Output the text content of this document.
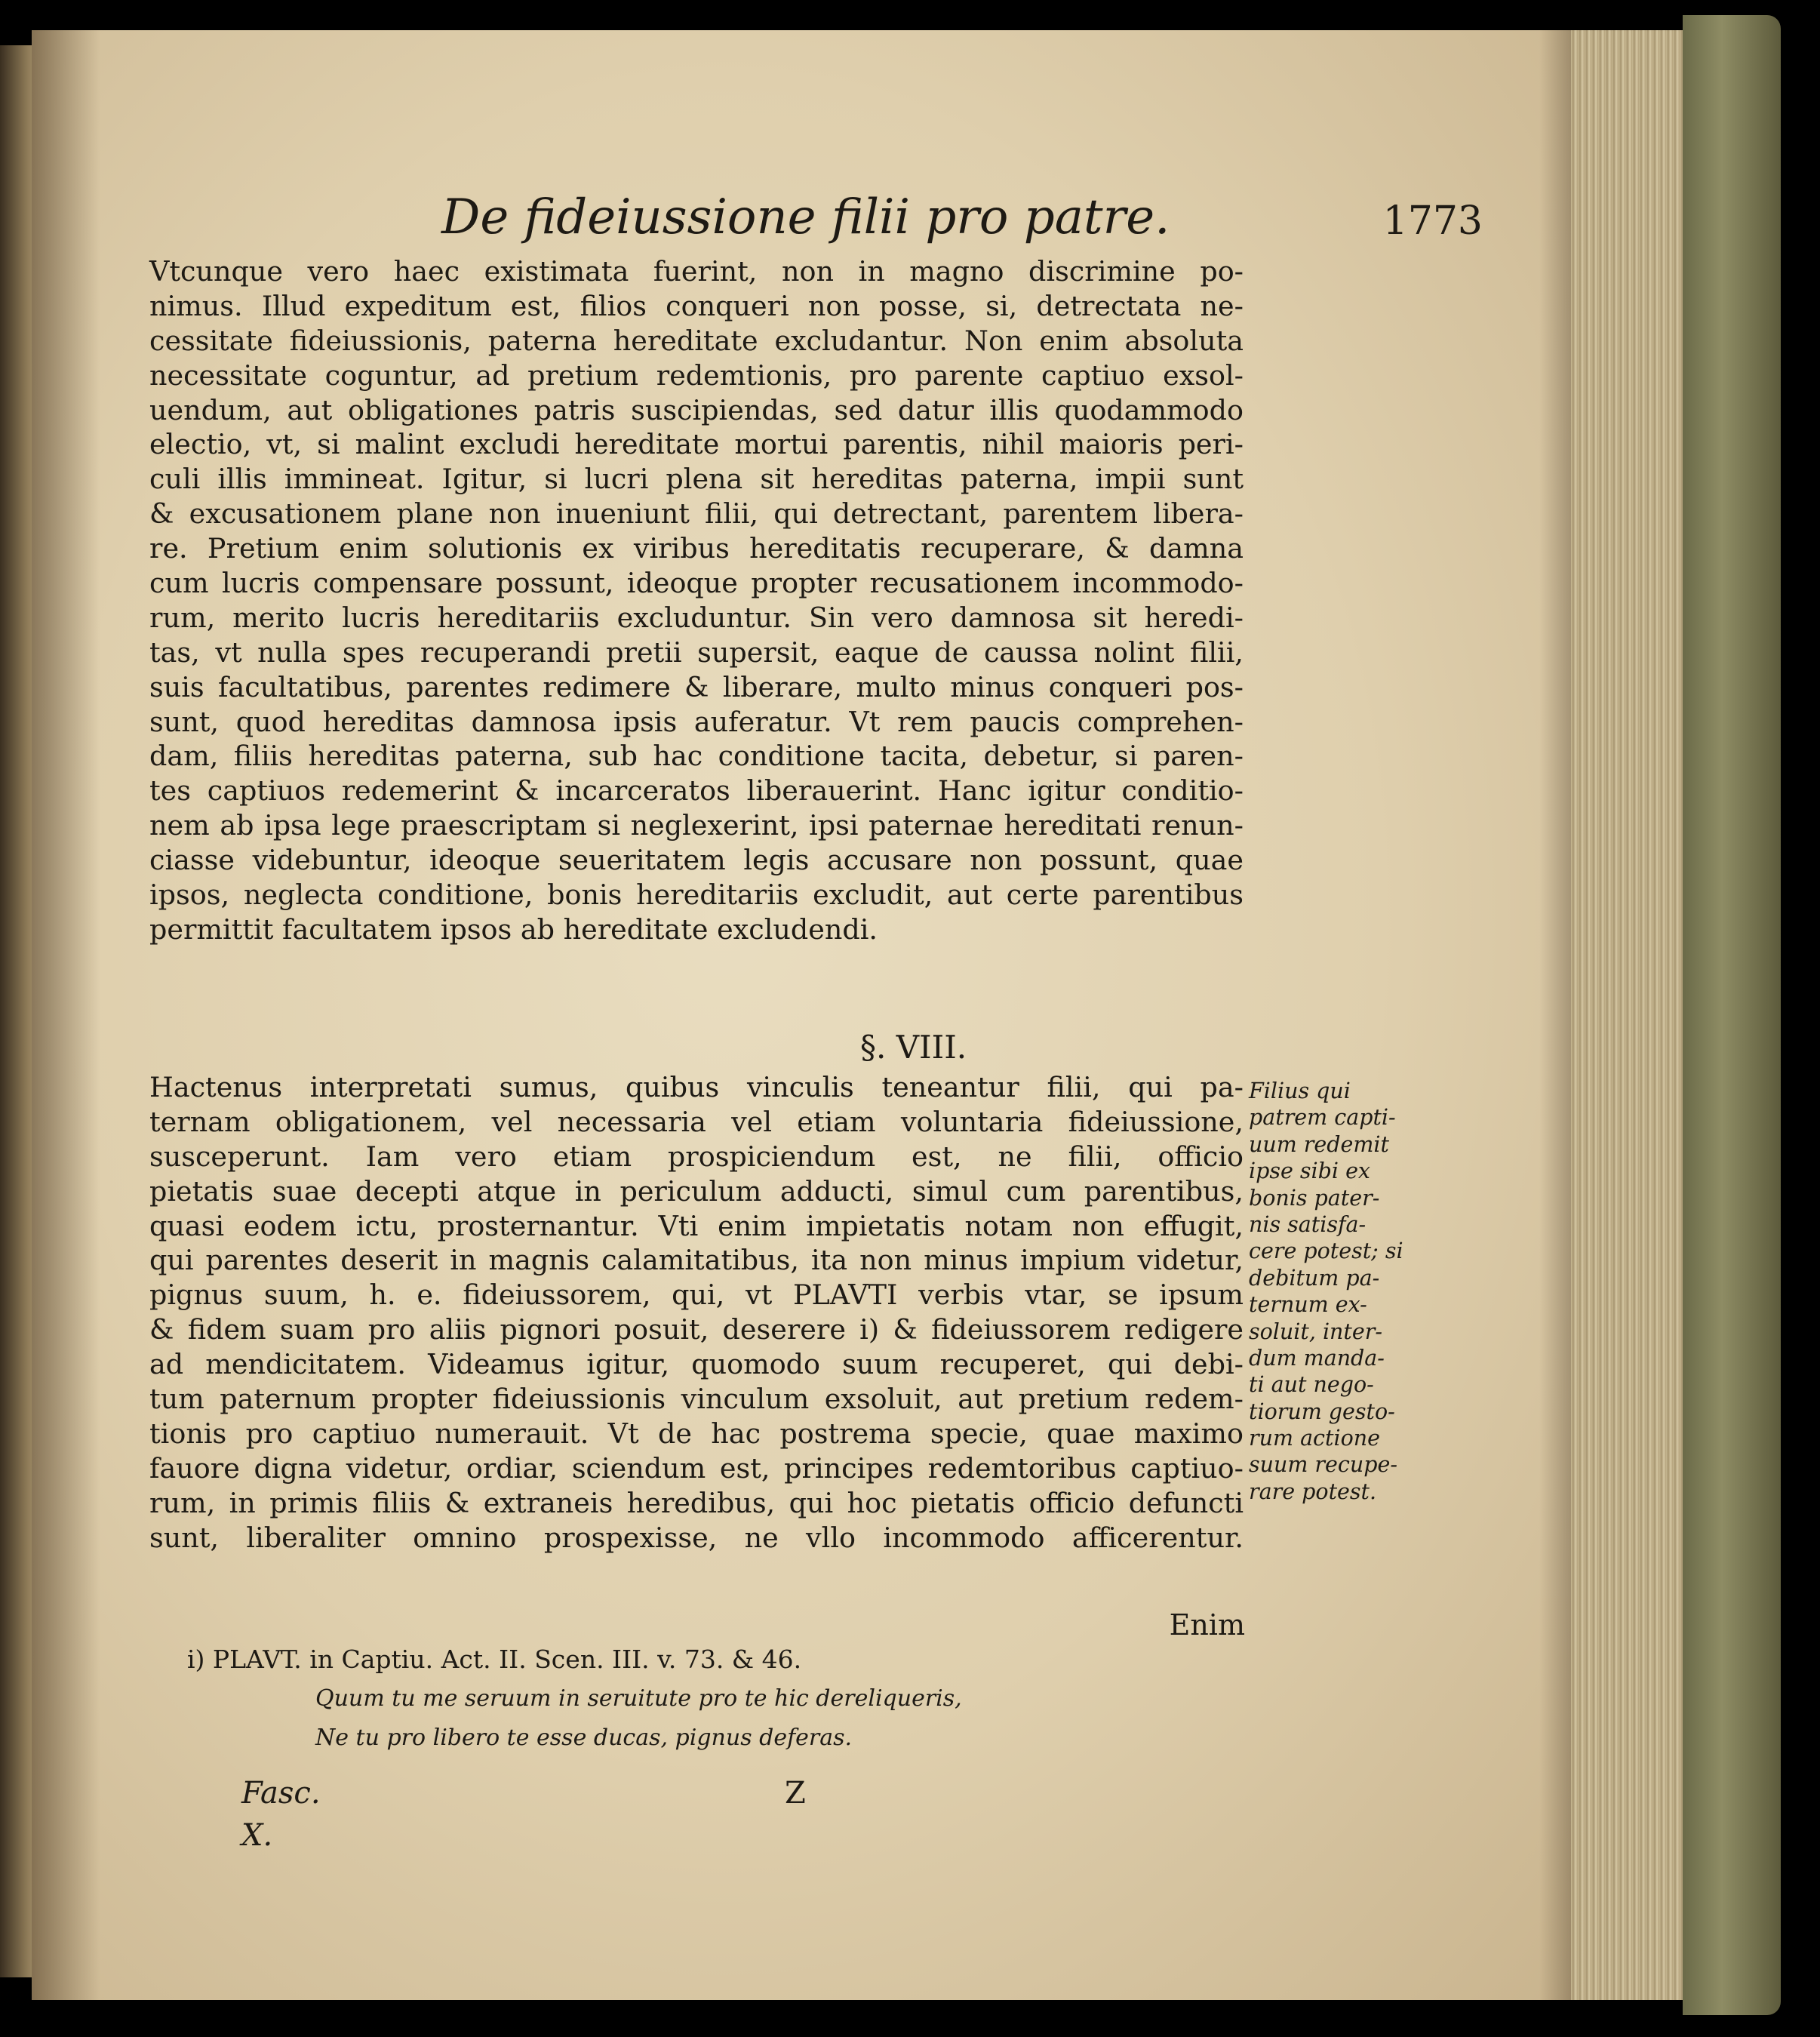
De fideiussione filii pro patre.	1773
Vtcunque vero haec existimata fuerint, non in magno discrimine po-
nimus. Illud expeditum est, filios conqueri non posse, si, detrectata ne-
cessitate fideiussionis, paterna hereditate excludantur. Non enim absoluta
necessitate coguntur, ad pretium redemtionis, pro parente captiuo exsol-
uendum, aut obligationes patris suscipiendas, sed datur illis quodammodo
electio, vt, si malint excludi hereditate mortui parentis, nihil maioris peri-
culi illis immineat. Igitur, si lucri plena sit hereditas paterna, impii sunt
& excusationem plane non inueniunt filii, qui detrectant, parentem libera-
re. Pretium enim solutionis ex viribus hereditatis recuperare, & damna
cum lucris compensare possunt, ideoque propter recusationem incommodo-
rum, merito lucris hereditariis excluduntur. Sin vero damnosa sit heredi-
tas, vt nulla spes recuperandi pretii supersit, eaque de caussa nolint filii,
suis facultatibus, parentes redimere & liberare, multo minus conqueri pos-
sunt, quod hereditas damnosa ipsis auferatur. Vt rem paucis comprehen-
dam, filiis hereditas paterna, sub hac conditione tacita, debetur, si paren-
tes captiuos redemerint & incarceratos liberauerint. Hanc igitur conditio-
nem ab ipsa lege praescriptam si neglexerint, ipsi paternae hereditati renun-
ciasse videbuntur, ideoque seueritatem legis accusare non possunt, quae
ipsos, neglecta conditione, bonis hereditariis excludit, aut certe parentibus
permittit facultatem ipsos ab hereditate excludendi.
§. VIII.
Hactenus interpretati sumus, quibus vinculis teneantur filii, qui pa-
ternam obligationem, vel necessaria vel etiam voluntaria fideiussione,
susceperunt. Iam vero etiam prospiciendum est, ne filii, officio
pietatis suae decepti atque in periculum adducti, simul cum parentibus,
quasi eodem ictu, prosternantur. Vti enim impietatis notam non effugit,
qui parentes deserit in magnis calamitatibus, ita non minus impium videtur,
pignus suum, h. e. fideiussorem, qui, vt PLAVTI verbis vtar, se ipsum
& fidem suam pro aliis pignori posuit, deserere i) & fideiussorem redigere
ad mendicitatem. Videamus igitur, quomodo suum recuperet, qui debi-
tum paternum propter fideiussionis vinculum exsoluit, aut pretium redem-
tionis pro captiuo numerauit. Vt de hac postrema specie, quae maximo
fauore digna videtur, ordiar, sciendum est, principes redemtoribus captiuo-
rum, in primis filiis & extraneis heredibus, qui hoc pietatis officio defuncti
sunt, liberaliter omnino prospexisse, ne vllo incommodo afficerentur.
Filius qui
patrem capti-
uum redemit
ipse sibi ex
bonis pater-
nis satisfa-
cere potest; si
debitum pa-
ternum ex-
soluit, inter-
dum manda-
ti aut nego-
tiorum gesto-
rum actione
suum recupe-
rare potest.
Enim
i) PLAVT. in Captiu. Act. II. Scen. III. v. 73. & 46.
Quum tu me seruum in seruitute pro te hic dereliqueris,
Ne tu pro libero te esse ducas, pignus deferas.
Fasc. X.
Z
